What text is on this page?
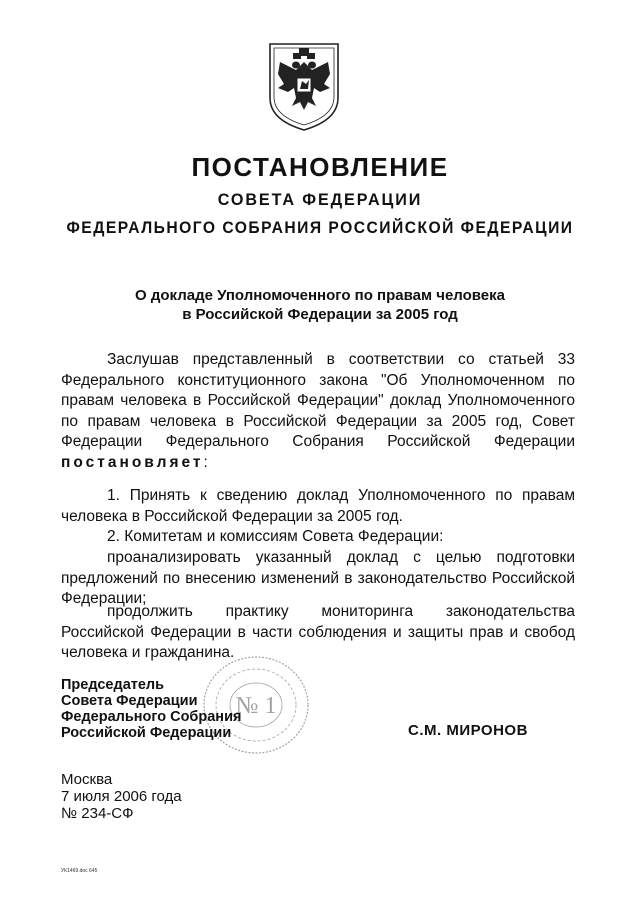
ПОСТАНОВЛЕНИЕ
СОВЕТА ФЕДЕРАЦИИ
ФЕДЕРАЛЬНОГО СОБРАНИЯ РОССИЙСКОЙ ФЕДЕРАЦИИ
О докладе Уполномоченного по правам человека
в Российской Федерации за 2005 год
Заслушав представленный в соответствии со статьей 33 Федерального конституционного закона "Об Уполномоченном по правам человека в Российской Федерации" доклад Уполномоченного по правам человека в Российской Федерации за 2005 год, Совет Федерации Федерального Собрания Российской Федерации постановляет:
1. Принять к сведению доклад Уполномоченного по правам человека в Российской Федерации за 2005 год.
2. Комитетам и комиссиям Совета Федерации:
проанализировать указанный доклад с целью подготовки предложений по внесению изменений в законодательство Российской Федерации;
продолжить практику мониторинга законодательства Российской Федерации в части соблюдения и защиты прав и свобод человека и гражданина.
№ 1
Председатель
Совета Федерации
Федерального Собрания
Российской Федерации	С.М. МИРОНОВ
Москва
7 июля 2006 года
№ 234-СФ
УК1469.doc 645
